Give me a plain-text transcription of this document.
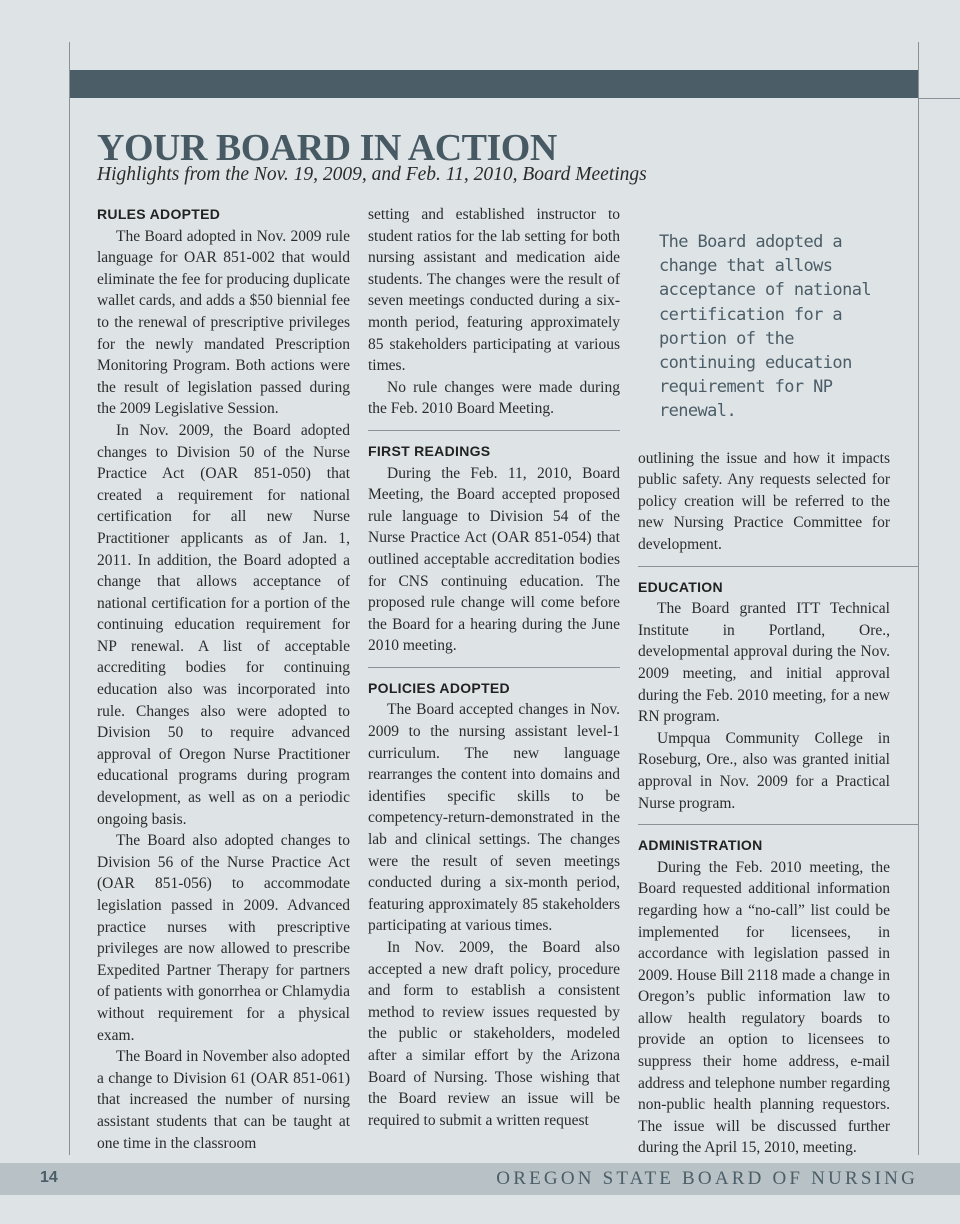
YOUR BOARD IN ACTION

Highlights from the Nov. 19, 2009, and Feb. 11, 2010, Board Meetings

RULES ADOPTED

The Board adopted in Nov. 2009 rule language for OAR 851-002 that would eliminate the fee for producing duplicate wallet cards, and adds a $50 biennial fee to the renewal of prescriptive privileges for the newly mandated Prescription Monitoring Program. Both actions were the result of legislation passed during the 2009 Legislative Session.

In Nov. 2009, the Board adopted changes to Division 50 of the Nurse Practice Act (OAR 851-050) that created a requirement for national certification for all new Nurse Practitioner applicants as of Jan. 1, 2011. In addition, the Board adopted a change that allows acceptance of national certification for a portion of the continuing education requirement for NP renewal. A list of acceptable accrediting bodies for continuing education also was incorporated into rule. Changes also were adopted to Division 50 to require advanced approval of Oregon Nurse Practitioner educational programs during program development, as well as on a periodic ongoing basis.

The Board also adopted changes to Division 56 of the Nurse Practice Act (OAR 851-056) to accommodate legislation passed in 2009. Advanced practice nurses with prescriptive privileges are now allowed to prescribe Expedited Partner Therapy for partners of patients with gonorrhea or Chlamydia without requirement for a physical exam.

The Board in November also adopted a change to Division 61 (OAR 851-061) that increased the number of nursing assistant students that can be taught at one time in the classroom

setting and established instructor to student ratios for the lab setting for both nursing assistant and medication aide students. The changes were the result of seven meetings conducted during a six-month period, featuring approximately 85 stakeholders participating at various times.

No rule changes were made during the Feb. 2010 Board Meeting.

FIRST READINGS

During the Feb. 11, 2010, Board Meeting, the Board accepted proposed rule language to Division 54 of the Nurse Practice Act (OAR 851-054) that outlined acceptable accreditation bodies for CNS continuing education. The proposed rule change will come before the Board for a hearing during the June 2010 meeting.

POLICIES ADOPTED

The Board accepted changes in Nov. 2009 to the nursing assistant level-1 curriculum. The new language rearranges the content into domains and identifies specific skills to be competency-return-demonstrated in the lab and clinical settings. The changes were the result of seven meetings conducted during a six-month period, featuring approximately 85 stakeholders participating at various times.

In Nov. 2009, the Board also accepted a new draft policy, procedure and form to establish a consistent method to review issues requested by the public or stakeholders, modeled after a similar effort by the Arizona Board of Nursing. Those wishing that the Board review an issue will be required to submit a written request

The Board adopted a change that allows acceptance of national certification for a portion of the continuing education requirement for NP renewal.

outlining the issue and how it impacts public safety. Any requests selected for policy creation will be referred to the new Nursing Practice Committee for development.

EDUCATION

The Board granted ITT Technical Institute in Portland, Ore., developmental approval during the Nov. 2009 meeting, and initial approval during the Feb. 2010 meeting, for a new RN program.

Umpqua Community College in Roseburg, Ore., also was granted initial approval in Nov. 2009 for a Practical Nurse program.

ADMINISTRATION

During the Feb. 2010 meeting, the Board requested additional information regarding how a “no-call” list could be implemented for licensees, in accordance with legislation passed in 2009. House Bill 2118 made a change in Oregon’s public information law to allow health regulatory boards to provide an option to licensees to suppress their home address, e-mail address and telephone number regarding non-public health planning requestors. The issue will be discussed further during the April 15, 2010, meeting.

14	OREGON STATE BOARD OF NURSING
